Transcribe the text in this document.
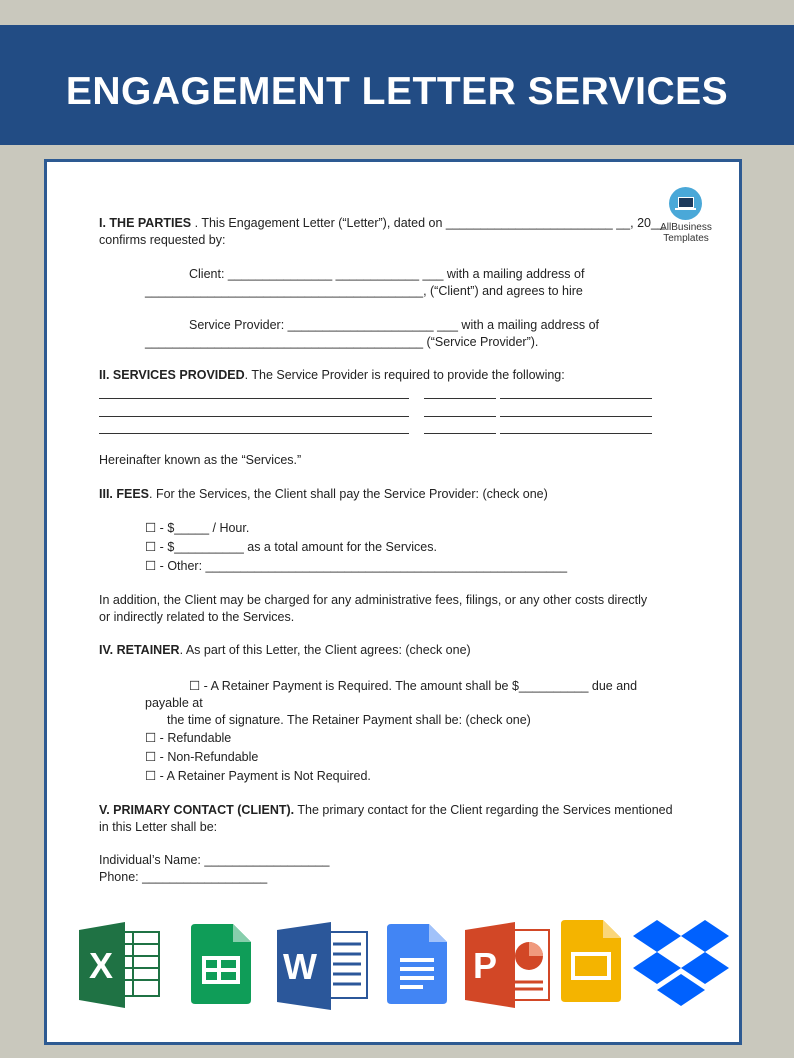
ENGAGEMENT LETTER SERVICES
AllBusiness
Templates
I. THE PARTIES . This Engagement Letter (“Letter”), dated on ________________________ __, 20__
confirms requested by:
Client: _______________ ____________ ___ with a mailing address of
________________________________________, (“Client”) and agrees to hire
Service Provider: _____________________ ___ with a mailing address of
________________________________________ (“Service Provider”).
II. SERVICES PROVIDED. The Service Provider is required to provide the following:
Hereinafter known as the “Services.”
III. FEES. For the Services, the Client shall pay the Service Provider: (check one)
☐ - $_____ / Hour.
☐ - $__________ as a total amount for the Services.
☐ - Other: ____________________________________________________
In addition, the Client may be charged for any administrative fees, filings, or any other costs directly
or indirectly related to the Services.
IV. RETAINER. As part of this Letter, the Client agrees: (check one)
☐ - A Retainer Payment is Required. The amount shall be $__________ due and
payable at
the time of signature. The Retainer Payment shall be: (check one)
☐ - Refundable
☐ - Non-Refundable
☐ - A Retainer Payment is Not Required.
V. PRIMARY CONTACT (CLIENT). The primary contact for the Client regarding the Services mentioned
in this Letter shall be:
Individual’s Name: __________________
Phone: __________________
X	W	P
